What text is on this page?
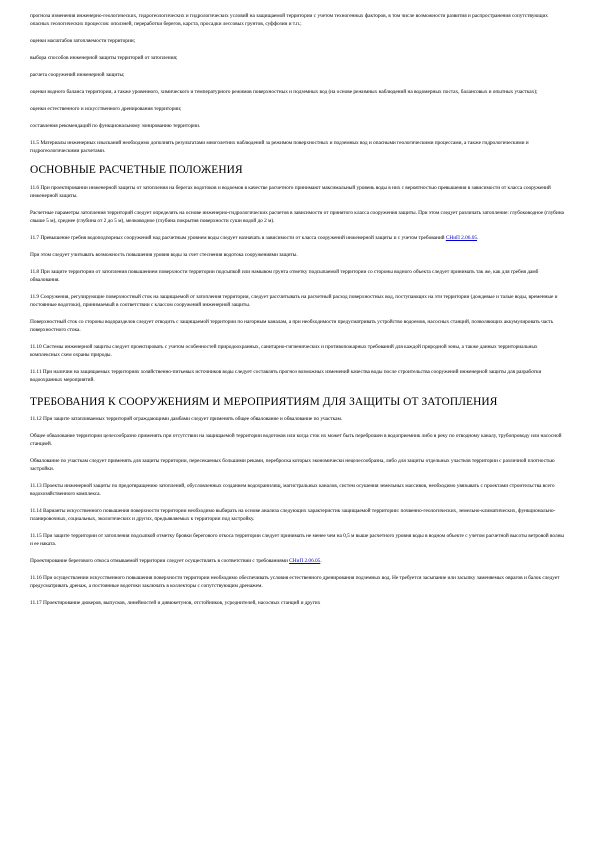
прогноза изменения инженерно-геологических, гидрогеологических и гидрологических условий на защищаемой территории с учетом техногенных факторов, в том числе возможности развития и распространения сопутствующих опасных геологических процессов: оползней, переработки берегов, карста, просадки лессовых грунтов, суффозии и т.п.;

оценки масштабов затопляемости территории;

выбора способов инженерной защиты территорий от затопления;

расчета сооружений инженерной защиты;

оценки водного баланса территории, а также уровенного, химического и температурного режимов поверхностных и подземных вод (на основе режимных наблюдений на водомерных постах, балансовых и опытных участках);

оценки естественного и искусственного дренирования территории;

составления рекомендаций по функциональному зонированию территории.

11.5 Материалы инженерных изысканий необходимо дополнять результатами многолетних наблюдений за режимом поверхностных и подземных вод и опасными геологическими процессами, а также гидрологическими и гидрогеологическими расчетами.

ОСНОВНЫЕ РАСЧЕТНЫЕ ПОЛОЖЕНИЯ

11.6 При проектировании инженерной защиты от затопления на берегах водотоков и водоемов в качестве расчетного принимают максимальный уровень воды в них с вероятностью превышения в зависимости от класса сооружений инженерной защиты.

Расчетные параметры затопления территорий следует определять на основе инженерно-гидрологических расчетов в зависимости от принятого класса сооружения защиты. При этом следует различать затопление: глубоководное (глубина свыше 5 м), среднее (глубина от 2 до 5 м), мелководное (глубина покрытия поверхности суши водой до 2 м).

11.7 Превышение гребня водоподпорных сооружений над расчетным уровнем воды следует назначать в зависимости от класса сооружений инженерной защиты и с учетом требований СНиП 2.06.05.

При этом следует учитывать возможность повышения уровня воды за счет стеснения водотока сооружениями защиты.

11.8 При защите территории от затопления повышением поверхности территории подсыпкой или намывом грунта отметку подсыпаемой территории со стороны водного объекта следует принимать так же, как для гребня дамб обвалования.

11.9 Сооружения, регулирующие поверхностный сток на защищаемой от затопления территории, следует рассчитывать на расчетный расход поверхностных вод, поступающих на эти территории (дождевые и талые воды, временные и постоянные водотоки), принимаемый в соответствии с классом сооружений инженерной защиты.

Поверхностный сток со стороны водоразделов следует отводить с защищаемой территории по нагорным каналам, а при необходимости предусматривать устройство водоемов, насосных станций, позволяющих аккумулировать часть поверхностного стока.

11.10 Системы инженерной защиты следует проектировать с учетом особенностей природоохранных, санитарно-гигиенических и противопожарных требований для каждой природной зоны, а также данных территориальных комплексных схем охраны природы.

11.11 При наличии на защищаемых территориях хозяйственно-питьевых источников воды следует составлять прогноз возможных изменений качества воды после строительства сооружений инженерной защиты для разработки водоохранных мероприятий.

ТРЕБОВАНИЯ К СООРУЖЕНИЯМ И МЕРОПРИЯТИЯМ ДЛЯ ЗАЩИТЫ ОТ ЗАТОПЛЕНИЯ

11.12 При защите затапливаемых территорий ограждающими дамбами следует применять общее обвалование и обвалование по участкам.

Общее обвалование территории целесообразно применять при отсутствии на защищаемой территории водотоков или когда сток их может быть переброшен в водоприемник либо в реку по отводному каналу, трубопроводу или насосной станцией.

Обвалование по участкам следует применять для защиты территории, пересекаемых большими реками, переброска которых экономически нецелесообразна, либо для защиты отдельных участков территории с различной плотностью застройки.

11.13 Проекты инженерной защиты по предотвращению затоплений, обусловленных созданием водохранилищ, магистральных каналов, систем осушения земельных массивов, необходимо увязывать с проектами строительства всего водохозяйственного комплекса.

11.14 Варианты искусственного повышения поверхности территории необходимо выбирать на основе анализа следующих характеристик защищаемой территории: почвенно-геологических, земельно-климатических, функционально-планировочных, социальных, экологических и других, предъявляемых к территории под застройку.

11.15 При защите территории от затопления подсыпкой отметку бровки берегового откоса территории следует принимать не менее чем на 0,5 м выше расчетного уровня воды в водном объекте с учетом расчетной высоты ветровой волны и ее наката.

Проектирование берегового откоса отмываемой территории следует осуществлять в соответствии с требованиями СНиП 2.06.05.

11.16 При осуществлении искусственного повышения поверхности территории необходимо обеспечивать условия естественного дренирования подземных вод. Не требуется засыпание или засыпку заменяемых оврагов и балок следует предусматривать дренаж, а постоянные водотоки заключать в коллекторы с сопутствующим дренажем.

11.17 Проектирование дюкеров, выпусков, линейностей и дивюкетунов, отстойников, усреднителей, насосных станций и других
